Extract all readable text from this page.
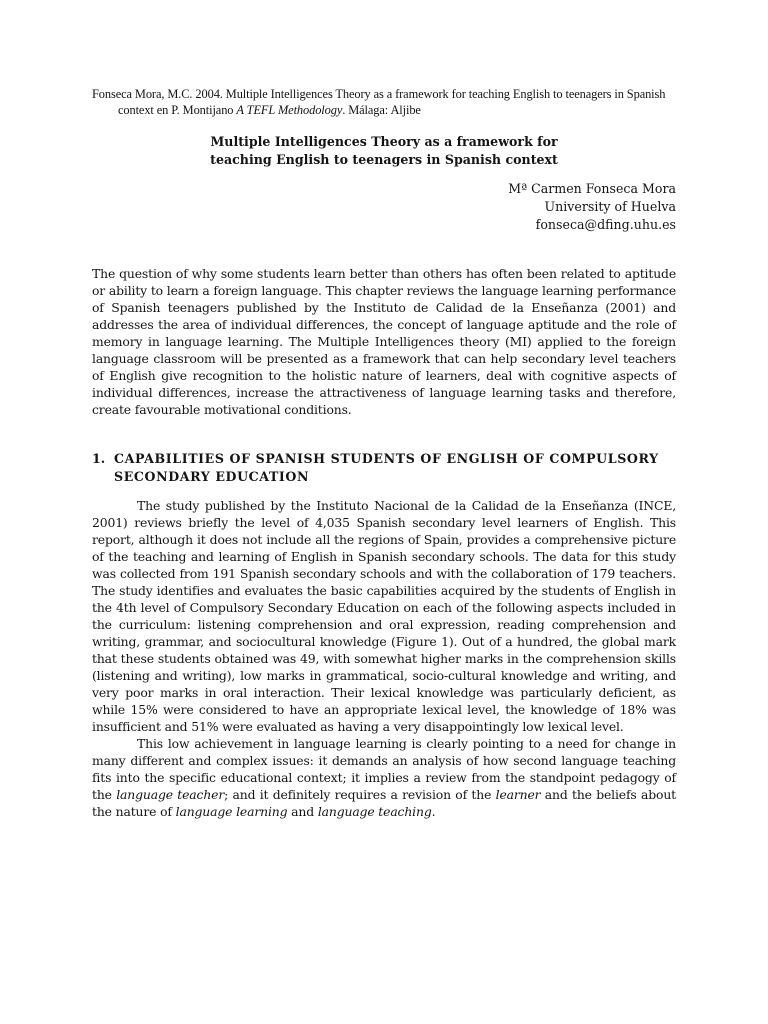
Fonseca Mora, M.C. 2004. Multiple Intelligences Theory as a framework for teaching English to teenagers in Spanish context en P. Montijano A TEFL Methodology. Málaga: Aljibe
Multiple Intelligences Theory as a framework for
teaching English to teenagers in Spanish context
Mª Carmen Fonseca Mora
University of Huelva
fonseca@dfing.uhu.es

The question of why some students learn better than others has often been related to aptitude or ability to learn a foreign language. This chapter reviews the language learning performance of Spanish teenagers published by the Instituto de Calidad de la Enseñanza (2001) and addresses the area of individual differences, the concept of language aptitude and the role of memory in language learning. The Multiple Intelligences theory (MI) applied to the foreign language classroom will be presented as a framework that can help secondary level teachers of English give recognition to the holistic nature of learners, deal with cognitive aspects of individual differences, increase the attractiveness of language learning tasks and therefore, create favourable motivational conditions.

1. CAPABILITIES OF SPANISH STUDENTS OF ENGLISH OF COMPULSORY
SECONDARY EDUCATION

The study published by the Instituto Nacional de la Calidad de la Enseñanza (INCE, 2001) reviews briefly the level of 4,035 Spanish secondary level learners of English. This report, although it does not include all the regions of Spain, provides a comprehensive picture of the teaching and learning of English in Spanish secondary schools. The data for this study was collected from 191 Spanish secondary schools and with the collaboration of 179 teachers. The study identifies and evaluates the basic capabilities acquired by the students of English in the 4th level of Compulsory Secondary Education on each of the following aspects included in the curriculum: listening comprehension and oral expression, reading comprehension and writing, grammar, and sociocultural knowledge (Figure 1). Out of a hundred, the global mark that these students obtained was 49, with somewhat higher marks in the comprehension skills (listening and writing), low marks in grammatical, socio-cultural knowledge and writing, and very poor marks in oral interaction. Their lexical knowledge was particularly deficient, as while 15% were considered to have an appropriate lexical level, the knowledge of 18% was insufficient and 51% were evaluated as having a very disappointingly low lexical level.

This low achievement in language learning is clearly pointing to a need for change in many different and complex issues: it demands an analysis of how second language teaching fits into the specific educational context; it implies a review from the standpoint pedagogy of the language teacher; and it definitely requires a revision of the learner and the beliefs about the nature of language learning and language teaching.
